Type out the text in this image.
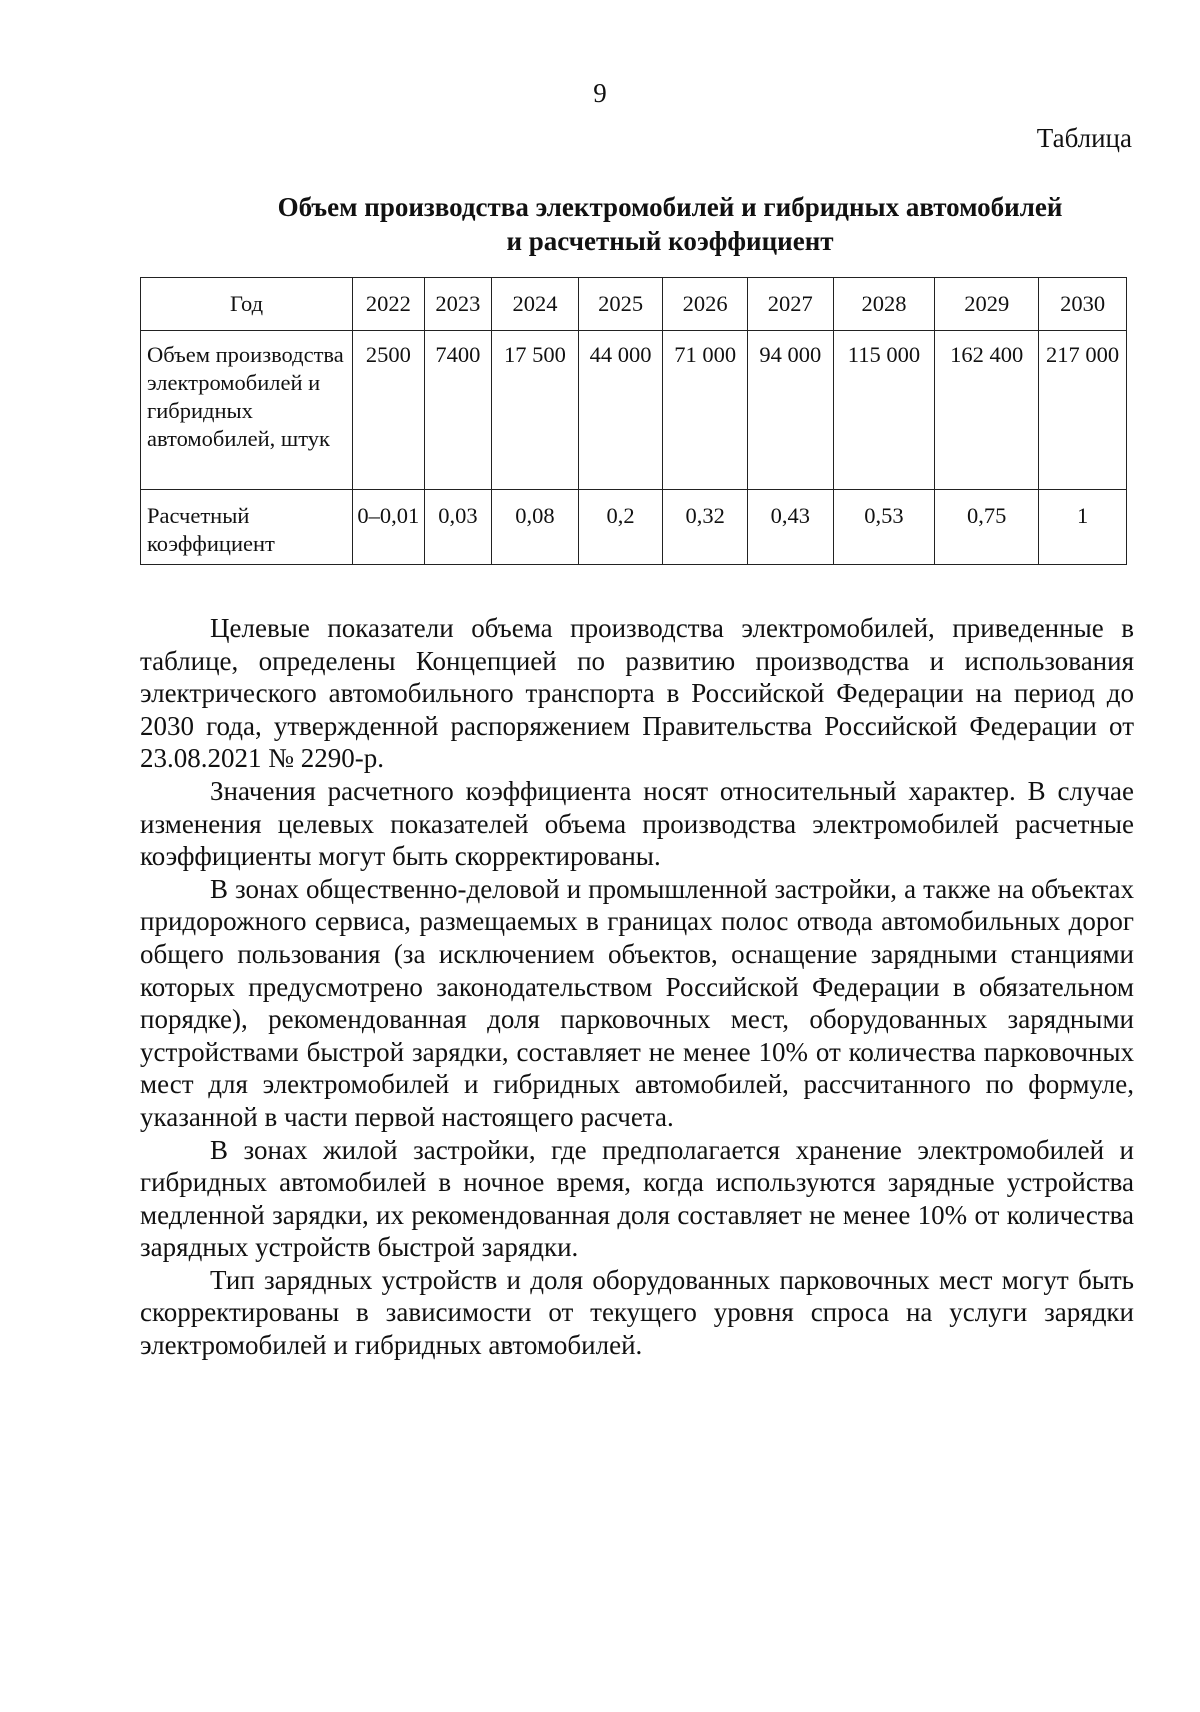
9
Таблица
Объем производства электромобилей и гибридных автомобилей
и расчетный коэффициент
Год	2022	2023	2024	2025	2026	2027	2028	2029	2030
Объем производства электромобилей и гибридных автомобилей, штук	2500	7400	17 500	44 000	71 000	94 000	115 000	162 400	217 000
Расчетный коэффициент	0–0,01	0,03	0,08	0,2	0,32	0,43	0,53	0,75	1

Целевые показатели объема производства электромобилей, приведенные в таблице, определены Концепцией по развитию производства и использования электрического автомобильного транспорта в Российской Федерации на период до 2030 года, утвержденной распоряжением Правительства Российской Федерации от 23.08.2021 № 2290-р.

Значения расчетного коэффициента носят относительный характер. В случае изменения целевых показателей объема производства электромобилей расчетные коэффициенты могут быть скорректированы.

В зонах общественно-деловой и промышленной застройки, а также на объектах придорожного сервиса, размещаемых в границах полос отвода автомобильных дорог общего пользования (за исключением объектов, оснащение зарядными станциями которых предусмотрено законодательством Российской Федерации в обязательном порядке), рекомендованная доля парковочных мест, оборудованных зарядными устройствами быстрой зарядки, составляет не менее 10% от количества парковочных мест для электромобилей и гибридных автомобилей, рассчитанного по формуле, указанной в части первой настоящего расчета.

В зонах жилой застройки, где предполагается хранение электромобилей и гибридных автомобилей в ночное время, когда используются зарядные устройства медленной зарядки, их рекомендованная доля составляет не менее 10% от количества зарядных устройств быстрой зарядки.

Тип зарядных устройств и доля оборудованных парковочных мест могут быть скорректированы в зависимости от текущего уровня спроса на услуги зарядки электромобилей и гибридных автомобилей.
